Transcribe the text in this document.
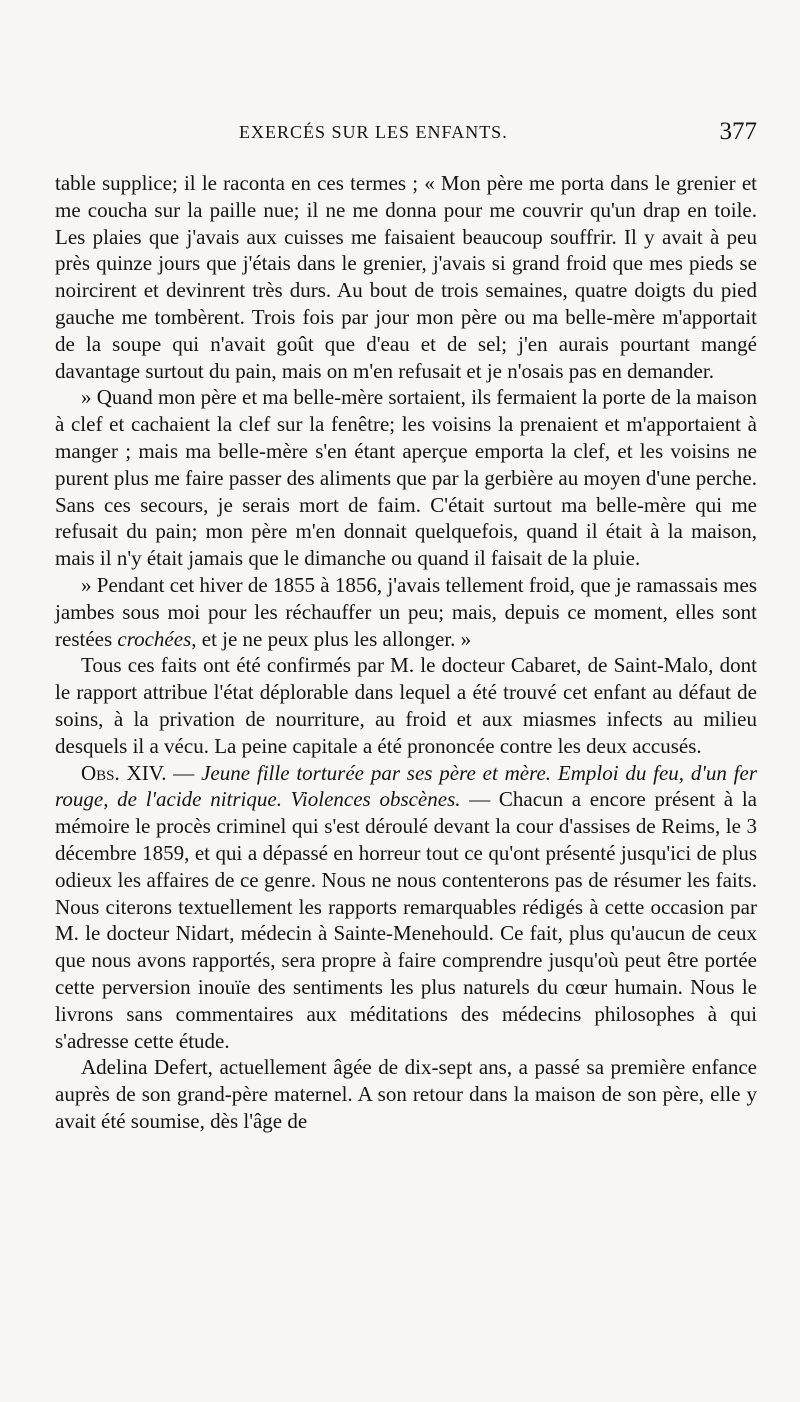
EXERCÉS SUR LES ENFANTS.	377

table supplice; il le raconta en ces termes ; « Mon père me porta dans le grenier et me coucha sur la paille nue; il ne me donna pour me couvrir qu'un drap en toile. Les plaies que j'avais aux cuisses me faisaient beaucoup souffrir. Il y avait à peu près quinze jours que j'étais dans le grenier, j'avais si grand froid que mes pieds se noircirent et devinrent très durs. Au bout de trois semaines, quatre doigts du pied gauche me tombèrent. Trois fois par jour mon père ou ma belle-mère m'apportait de la soupe qui n'avait goût que d'eau et de sel; j'en aurais pourtant mangé davantage surtout du pain, mais on m'en refusait et je n'osais pas en demander.

» Quand mon père et ma belle-mère sortaient, ils fermaient la porte de la maison à clef et cachaient la clef sur la fenêtre; les voisins la prenaient et m'apportaient à manger ; mais ma belle-mère s'en étant aperçue emporta la clef, et les voisins ne purent plus me faire passer des aliments que par la gerbière au moyen d'une perche. Sans ces secours, je serais mort de faim. C'était surtout ma belle-mère qui me refusait du pain; mon père m'en donnait quelquefois, quand il était à la maison, mais il n'y était jamais que le dimanche ou quand il faisait de la pluie.

» Pendant cet hiver de 1855 à 1856, j'avais tellement froid, que je ramassais mes jambes sous moi pour les réchauffer un peu; mais, depuis ce moment, elles sont restées crochées, et je ne peux plus les allonger. »

Tous ces faits ont été confirmés par M. le docteur Cabaret, de Saint-Malo, dont le rapport attribue l'état déplorable dans lequel a été trouvé cet enfant au défaut de soins, à la privation de nourriture, au froid et aux miasmes infects au milieu desquels il a vécu. La peine capitale a été prononcée contre les deux accusés.

Obs. XIV. — Jeune fille torturée par ses père et mère. Emploi du feu, d'un fer rouge, de l'acide nitrique. Violences obscènes. — Chacun a encore présent à la mémoire le procès criminel qui s'est déroulé devant la cour d'assises de Reims, le 3 décembre 1859, et qui a dépassé en horreur tout ce qu'ont présenté jusqu'ici de plus odieux les affaires de ce genre. Nous ne nous contenterons pas de résumer les faits. Nous citerons textuellement les rapports remarquables rédigés à cette occasion par M. le docteur Nidart, médecin à Sainte-Menehould. Ce fait, plus qu'aucun de ceux que nous avons rapportés, sera propre à faire comprendre jusqu'où peut être portée cette perversion inouïe des sentiments les plus naturels du cœur humain. Nous le livrons sans commentaires aux méditations des médecins philosophes à qui s'adresse cette étude.

Adelina Defert, actuellement âgée de dix-sept ans, a passé sa première enfance auprès de son grand-père maternel. A son retour dans la maison de son père, elle y avait été soumise, dès l'âge de
